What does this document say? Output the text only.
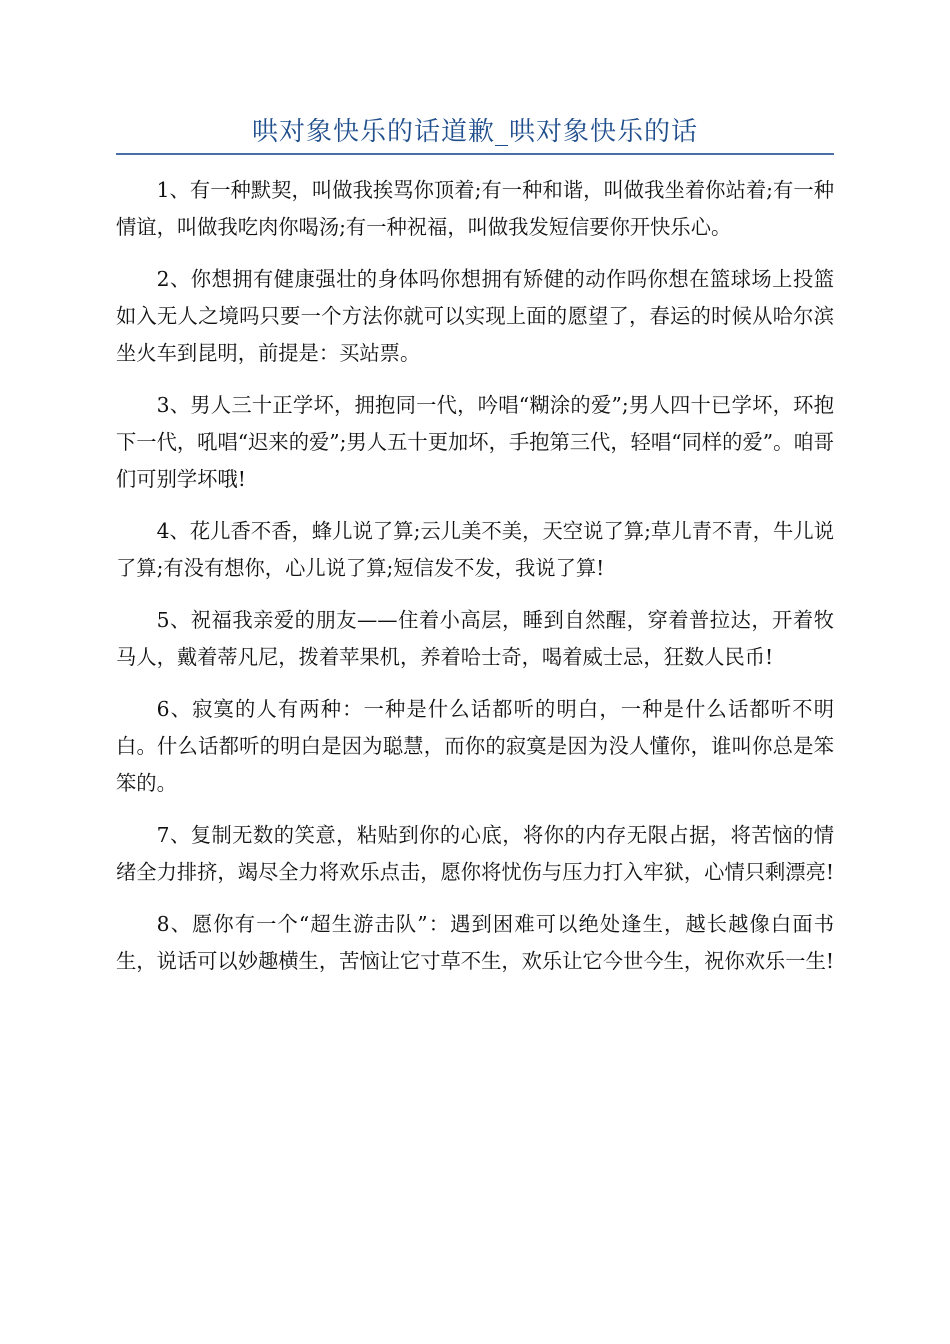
哄对象快乐的话道歉_哄对象快乐的话

1、有一种默契，叫做我挨骂你顶着;有一种和谐，叫做我坐着你站着;有一种情谊，叫做我吃肉你喝汤;有一种祝福，叫做我发短信要你开快乐心。

2、你想拥有健康强壮的身体吗你想拥有矫健的动作吗你想在篮球场上投篮如入无人之境吗只要一个方法你就可以实现上面的愿望了，春运的时候从哈尔滨坐火车到昆明，前提是：买站票。

3、男人三十正学坏，拥抱同一代，吟唱“糊涂的爱”;男人四十已学坏，环抱下一代，吼唱“迟来的爱”;男人五十更加坏，手抱第三代，轻唱“同样的爱”。咱哥们可别学坏哦!

4、花儿香不香，蜂儿说了算;云儿美不美，天空说了算;草儿青不青，牛儿说了算;有没有想你，心儿说了算;短信发不发，我说了算!

5、祝福我亲爱的朋友——住着小高层，睡到自然醒，穿着普拉达，开着牧马人，戴着蒂凡尼，拨着苹果机，养着哈士奇，喝着威士忌，狂数人民币!

6、寂寞的人有两种：一种是什么话都听的明白，一种是什么话都听不明白。什么话都听的明白是因为聪慧，而你的寂寞是因为没人懂你，谁叫你总是笨笨的。

7、复制无数的笑意，粘贴到你的心底，将你的内存无限占据，将苦恼的情绪全力排挤，竭尽全力将欢乐点击，愿你将忧伤与压力打入牢狱，心情只剩漂亮!

8、愿你有一个“超生游击队”：遇到困难可以绝处逢生，越长越像白面书生，说话可以妙趣横生，苦恼让它寸草不生，欢乐让它今世今生，祝你欢乐一生!
